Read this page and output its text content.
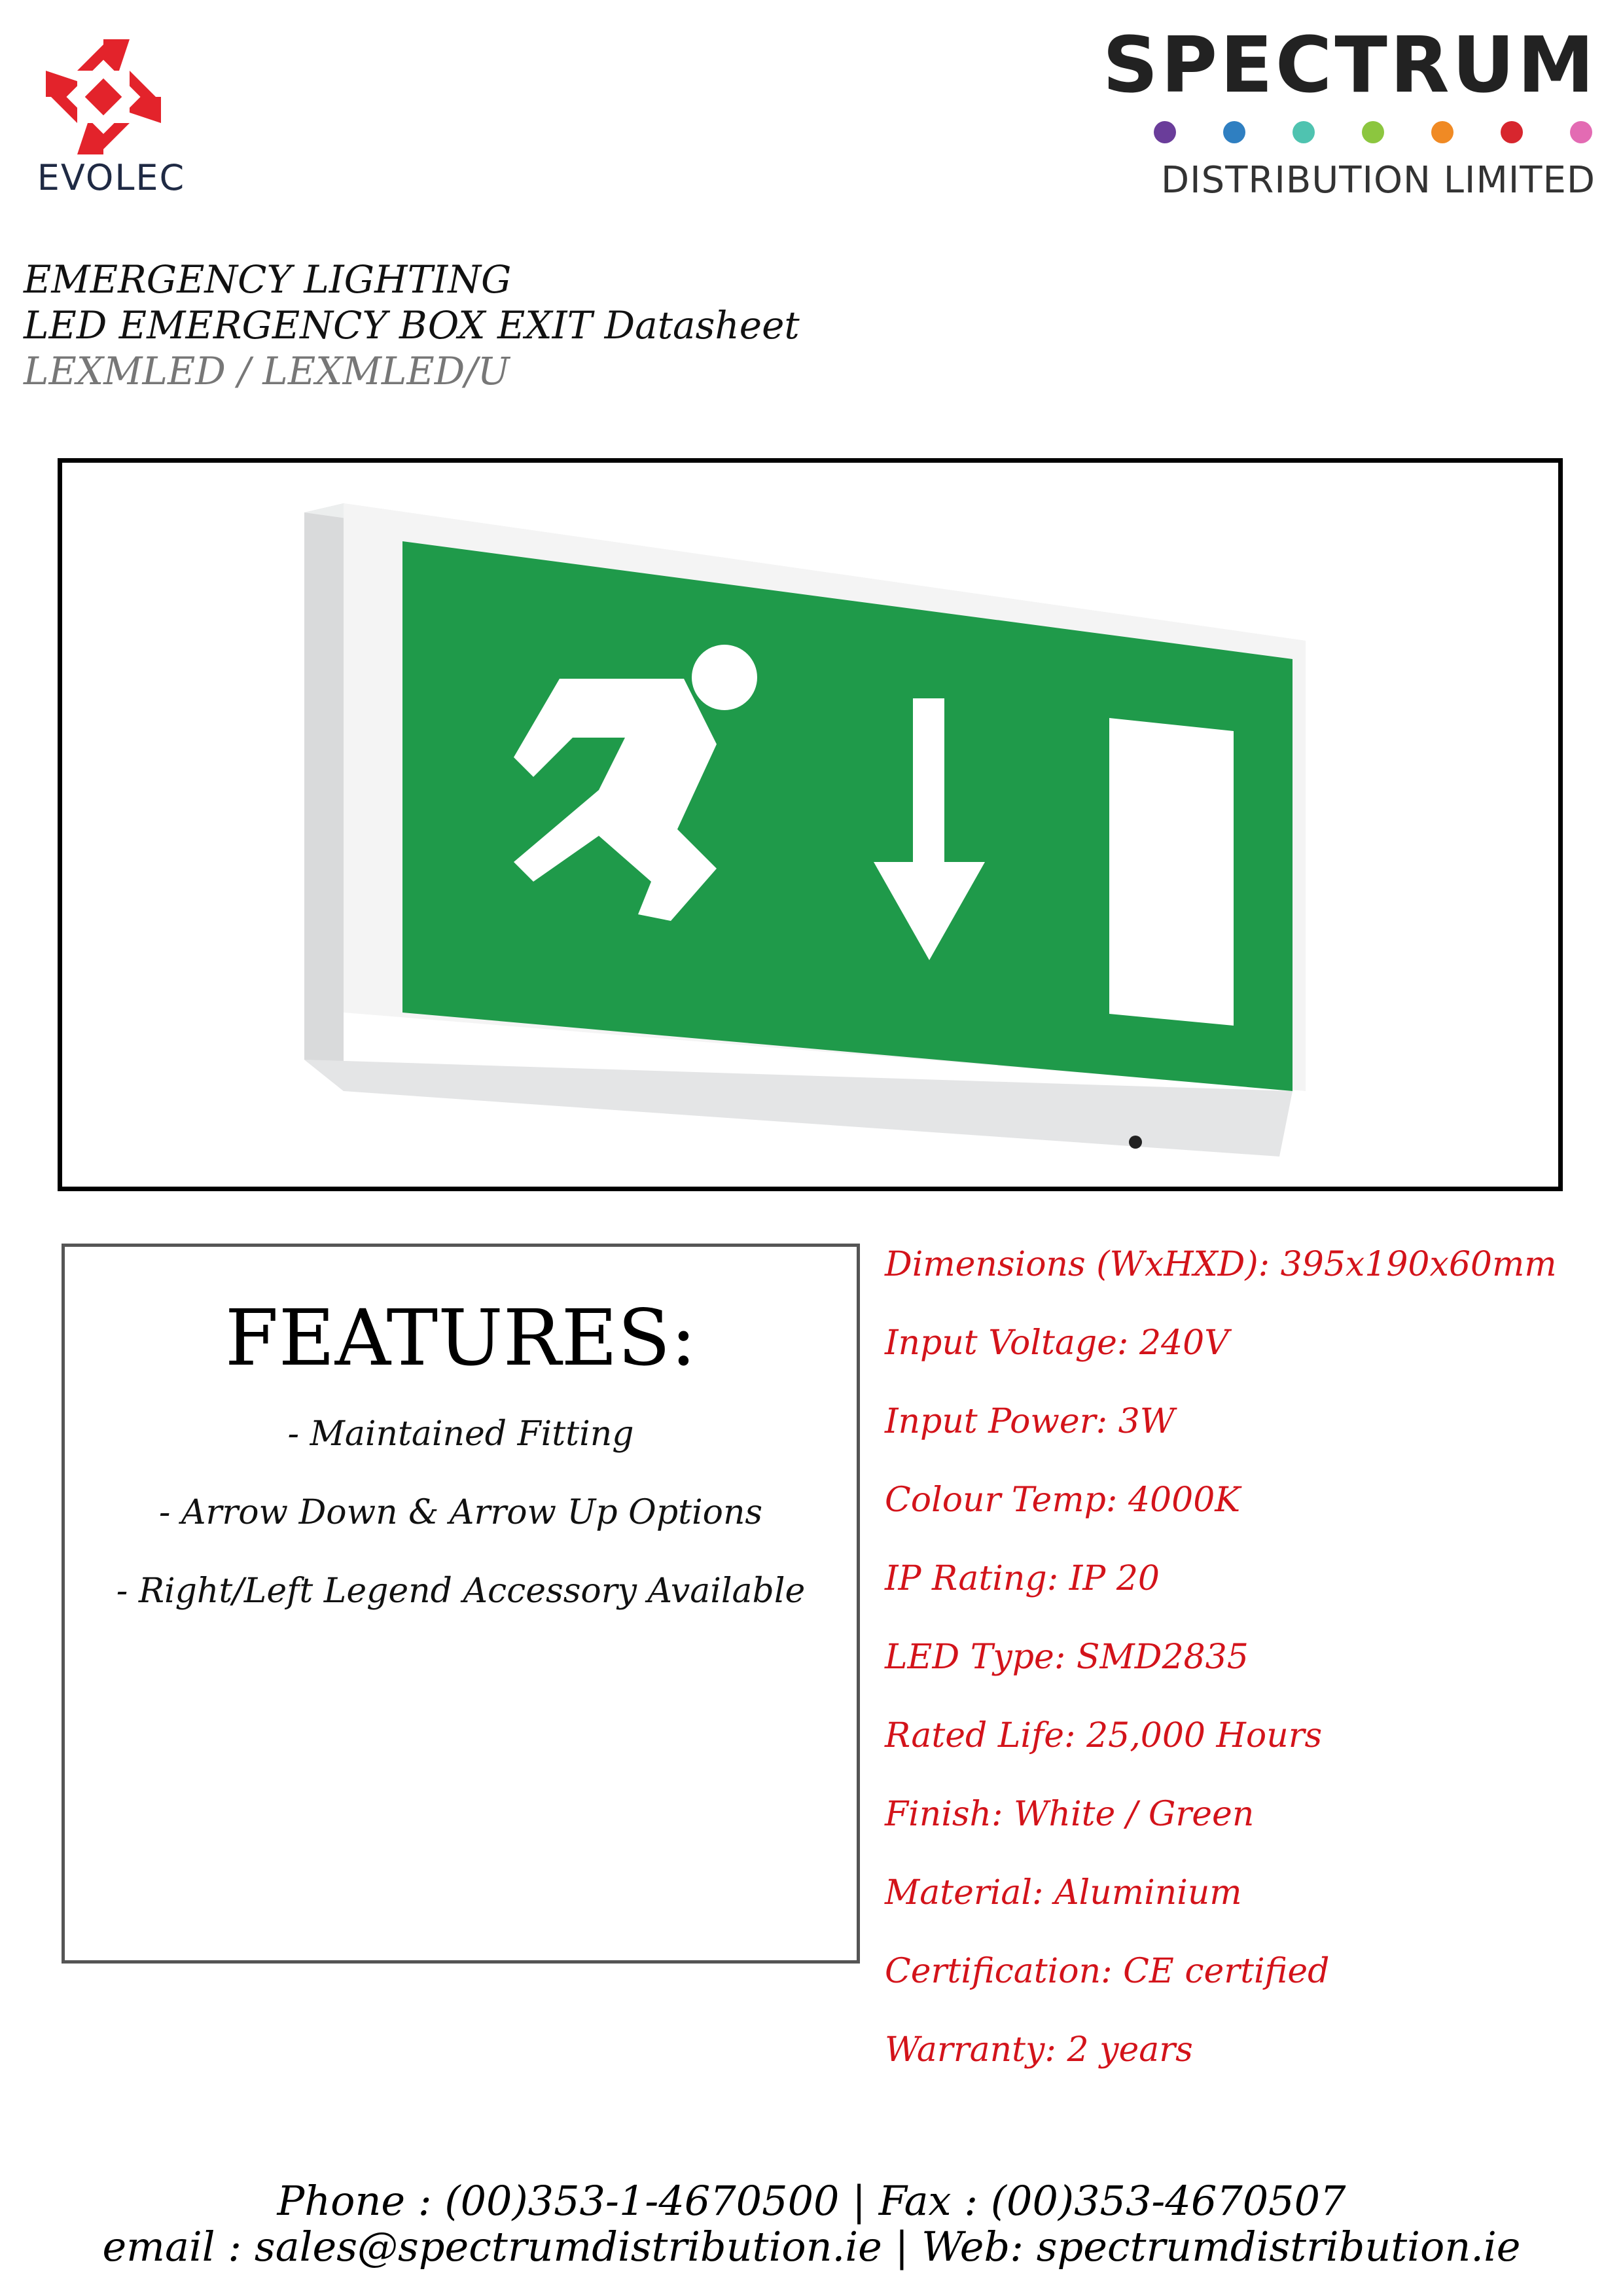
EVOLEC
SPECTRUM
DISTRIBUTION LIMITED
EMERGENCY LIGHTING
LED EMERGENCY BOX EXIT Datasheet
LEXMLED / LEXMLED/U
FEATURES:
- Maintained Fitting
- Arrow Down & Arrow Up Options
- Right/Left Legend Accessory Available
Dimensions (WxHXD): 395x190x60mm
Input Voltage: 240V
Input Power: 3W
Colour Temp: 4000K
IP Rating: IP 20
LED Type: SMD2835
Rated Life: 25,000 Hours
Finish: White / Green
Material: Aluminium
Certification: CE certified
Warranty: 2 years
Phone : (00)353-1-4670500 | Fax : (00)353-4670507
email : sales@spectrumdistribution.ie | Web: spectrumdistribution.ie
